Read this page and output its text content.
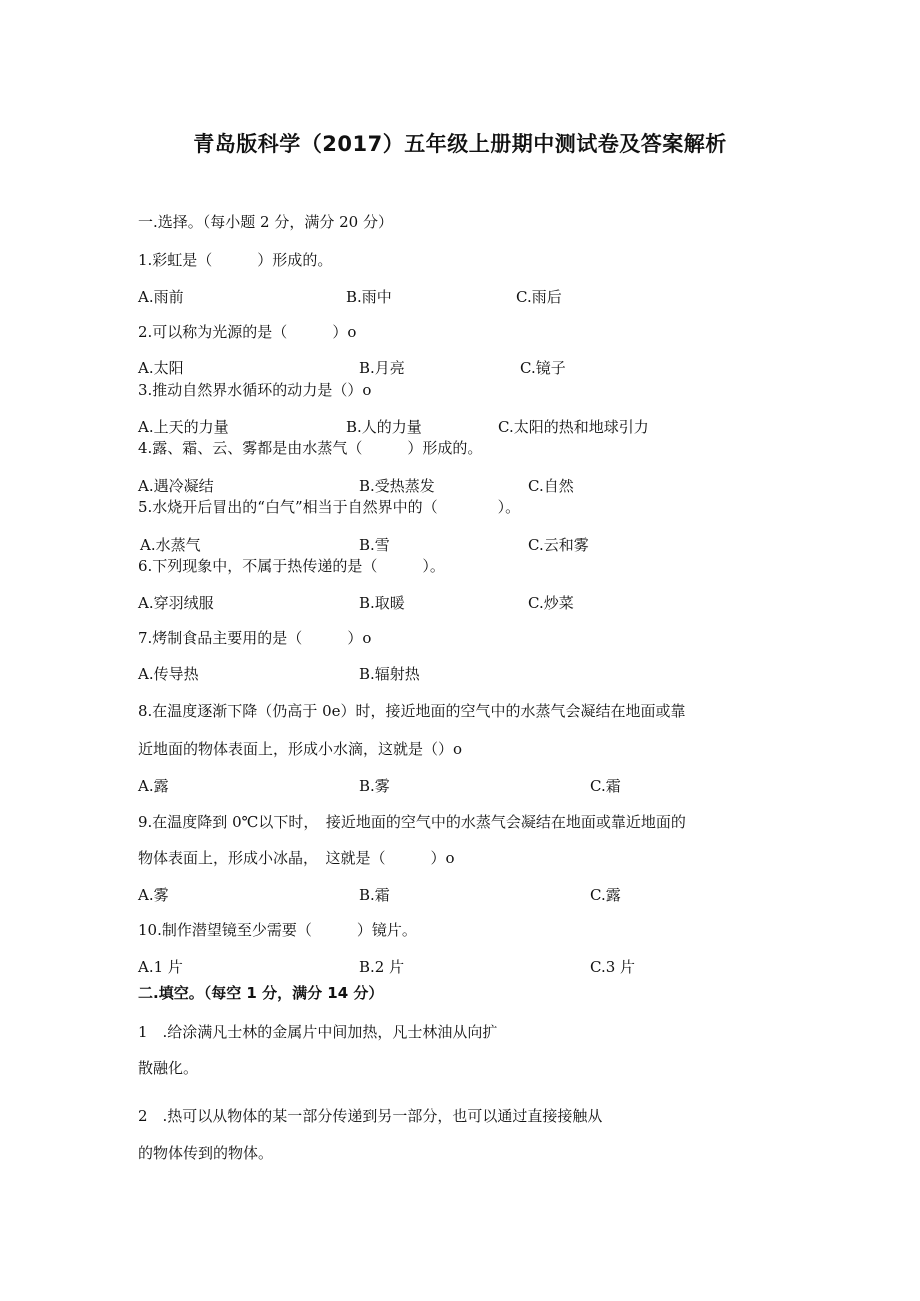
青岛版科学（2017）五年级上册期中测试卷及答案解析
一.选择。（每小题 2 分，满分 20 分）
1.彩虹是（　　　）形成的。
A.雨前	B.雨中	C.雨后
2.可以称为光源的是（　　　）o
A.太阳	B.月亮	C.镜子
3.推动自然界水循环的动力是（）o
A.上天的力量	B.人的力量	C.太阳的热和地球引力
4.露、霜、云、雾都是由水蒸气（　　　）形成的。
A.遇冷凝结	B.受热蒸发	C.自然
5.水烧开后冒出的“白气”相当于自然界中的（　　　　）。
A.水蒸气	B.雪	C.云和雾
6.下列现象中，不属于热传递的是（　　　）。
A.穿羽绒服	B.取暖	C.炒菜
7.烤制食品主要用的是（　　　）o
A.传导热	B.辐射热
8.在温度逐渐下降（仍高于 0e）时，接近地面的空气中的水蒸气会凝结在地面或靠
近地面的物体表面上，形成小水滴，这就是（）o
A.露	B.雾	C.霜
9.在温度降到 0℃以下时，　接近地面的空气中的水蒸气会凝结在地面或靠近地面的
物体表面上，形成小冰晶，　这就是（　　　）o
A.雾	B.霜	C.露
10.制作潜望镜至少需要（　　　）镜片。
A.1 片	B.2 片	C.3 片
二.填空。（每空 1 分，满分 14 分）
1　.给涂满凡士林的金属片中间加热，凡士林油从向扩
散融化。
2　.热可以从物体的某一部分传递到另一部分，也可以通过直接接触从
的物体传到的物体。
